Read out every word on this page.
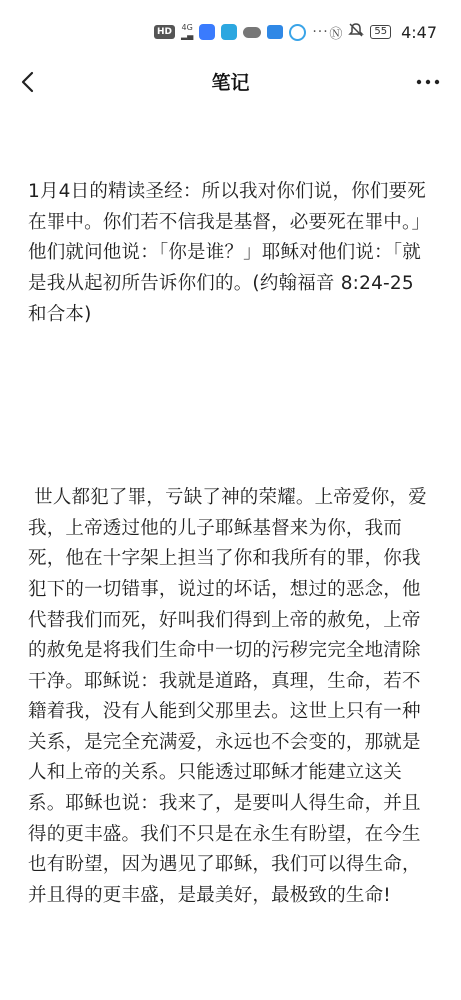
HD	4G
▂▄	··· Ⓝ	55 4:47
笔记

1月4日的精读圣经：所以我对你们说，你们要死在罪中。你们若不信我是基督，必要死在罪中。」 他们就问他说：「你是谁？」耶稣对他们说：「就是我从起初所告诉你们的。(约翰福音 8:24-25 和合本)

世人都犯了罪，亏缺了神的荣耀。上帝爱你，爱我，上帝透过他的儿子耶稣基督来为你，我而死，他在十字架上担当了你和我所有的罪，你我犯下的一切错事，说过的坏话，想过的恶念，他代替我们而死，好叫我们得到上帝的赦免，上帝的赦免是将我们生命中一切的污秽完完全地清除干净。耶稣说：我就是道路，真理，生命，若不籍着我，没有人能到父那里去。这世上只有一种关系，是完全充满爱，永远也不会变的，那就是人和上帝的关系。只能透过耶稣才能建立这关系。耶稣也说：我来了，是要叫人得生命，并且得的更丰盛。我们不只是在永生有盼望，在今生也有盼望，因为遇见了耶稣，我们可以得生命，并且得的更丰盛，是最美好，最极致的生命!
